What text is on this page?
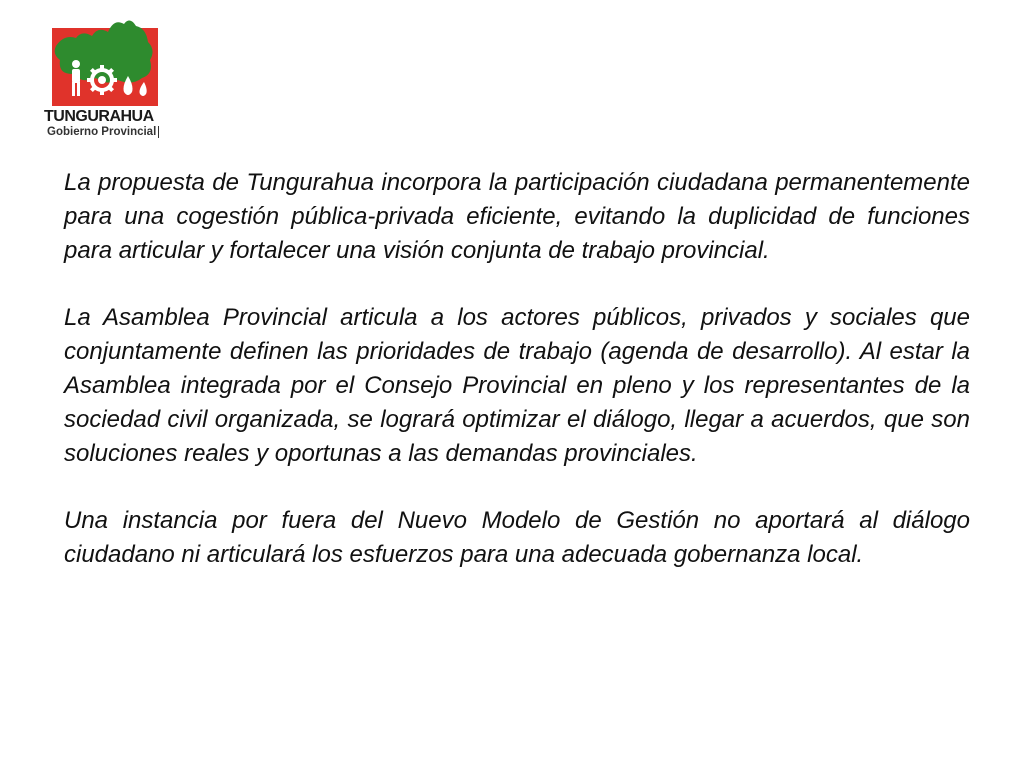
TUNGURAHUA
Gobierno Provincial

La propuesta de Tungurahua incorpora la participación ciudadana permanentemente para una cogestión pública-privada eficiente, evitando la duplicidad de funciones para articular y fortalecer una visión conjunta de trabajo provincial.

La Asamblea Provincial articula a los actores públicos, privados y sociales que conjuntamente definen las prioridades de trabajo (agenda de desarrollo). Al estar la Asamblea integrada por el Consejo Provincial en pleno y los representantes de la sociedad civil organizada, se logrará optimizar el diálogo, llegar a acuerdos, que son soluciones reales y oportunas a las demandas provinciales.

Una instancia por fuera del Nuevo Modelo de Gestión no aportará al diálogo ciudadano ni articulará los esfuerzos para una adecuada gobernanza local.
